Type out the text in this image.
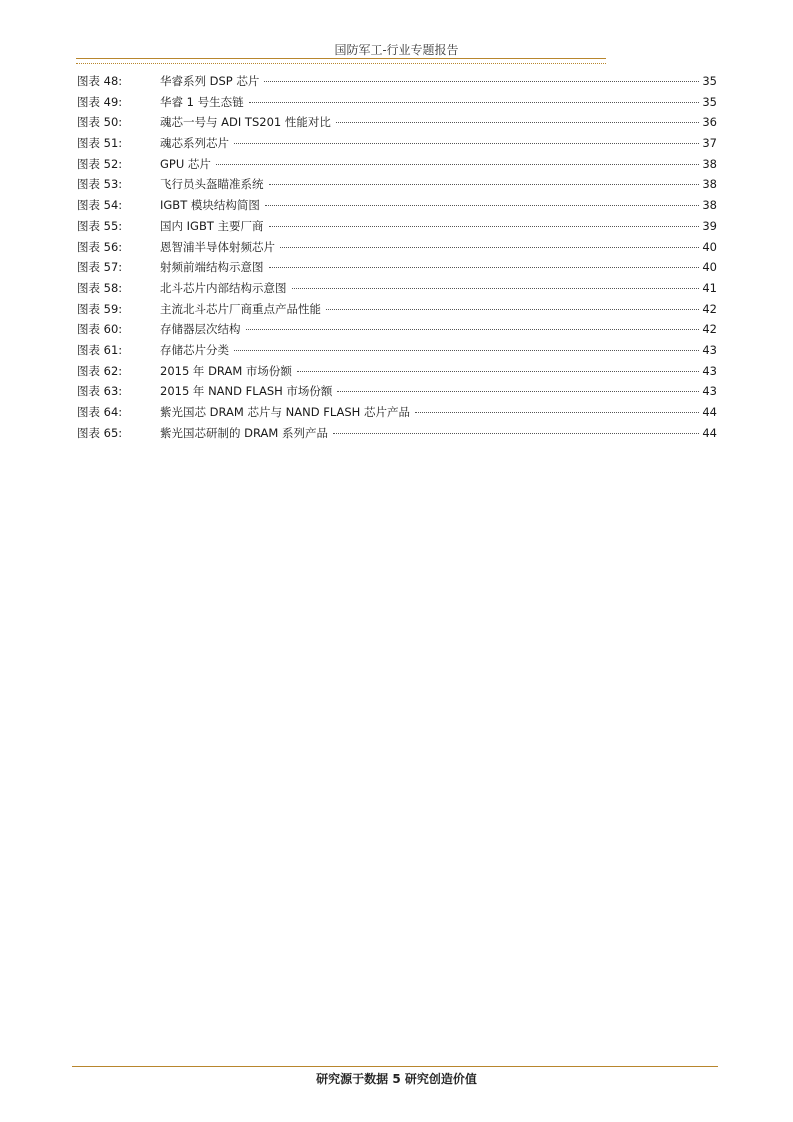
国防军工-行业专题报告
图表 48:	华睿系列 DSP 芯片	35
图表 49:	华睿 1 号生态链	35
图表 50:	魂芯一号与 ADI TS201 性能对比	36
图表 51:	魂芯系列芯片	37
图表 52:	GPU 芯片	38
图表 53:	飞行员头盔瞄准系统	38
图表 54:	IGBT 模块结构简图	38
图表 55:	国内 IGBT 主要厂商	39
图表 56:	恩智浦半导体射频芯片	40
图表 57:	射频前端结构示意图	40
图表 58:	北斗芯片内部结构示意图	41
图表 59:	主流北斗芯片厂商重点产品性能	42
图表 60:	存储器层次结构	42
图表 61:	存储芯片分类	43
图表 62:	2015 年 DRAM 市场份额	43
图表 63:	2015 年 NAND FLASH 市场份额	43
图表 64:	紫光国芯 DRAM 芯片与 NAND FLASH 芯片产品	44
图表 65:	紫光国芯研制的 DRAM 系列产品	44
研究源于数据 5 研究创造价值
